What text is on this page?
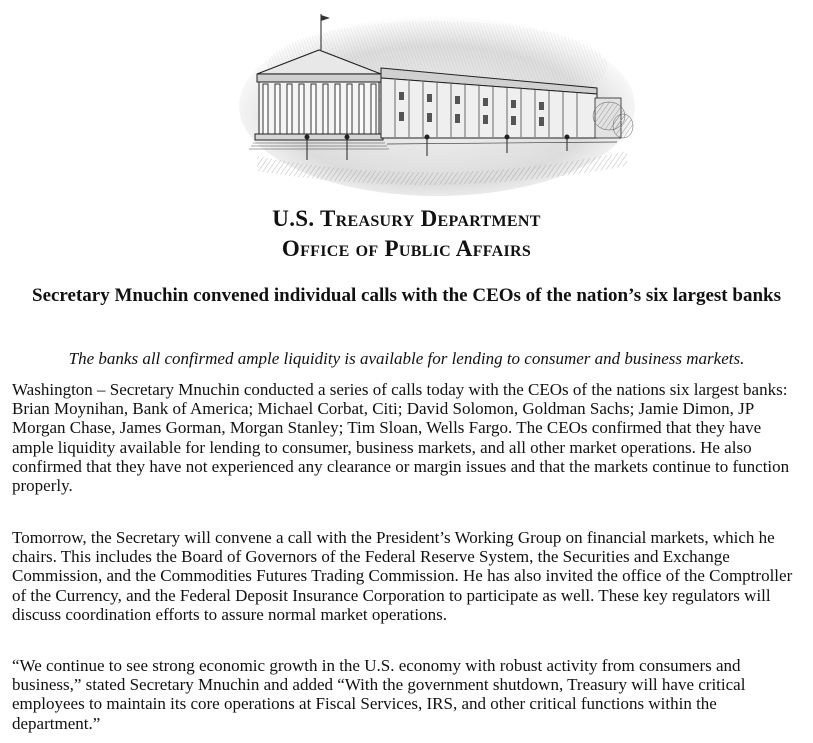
U.S. Treasury Department
Office of Public Affairs
Secretary Mnuchin convened individual calls with the CEOs of the nation’s six largest banks
The banks all confirmed ample liquidity is available for lending to consumer and business markets.

Washington – Secretary Mnuchin conducted a series of calls today with the CEOs of the nations six largest banks: Brian Moynihan, Bank of America; Michael Corbat, Citi; David Solomon, Goldman Sachs; Jamie Dimon, JP Morgan Chase, James Gorman, Morgan Stanley; Tim Sloan, Wells Fargo. The CEOs confirmed that they have ample liquidity available for lending to consumer, business markets, and all other market operations. He also confirmed that they have not experienced any clearance or margin issues and that the markets continue to function properly.

Tomorrow, the Secretary will convene a call with the President’s Working Group on financial markets, which he chairs. This includes the Board of Governors of the Federal Reserve System, the Securities and Exchange Commission, and the Commodities Futures Trading Commission. He has also invited the office of the Comptroller of the Currency, and the Federal Deposit Insurance Corporation to participate as well. These key regulators will discuss coordination efforts to assure normal market operations.

“We continue to see strong economic growth in the U.S. economy with robust activity from consumers and business,” stated Secretary Mnuchin and added “With the government shutdown, Treasury will have critical employees to maintain its core operations at Fiscal Services, IRS, and other critical functions within the department.”
